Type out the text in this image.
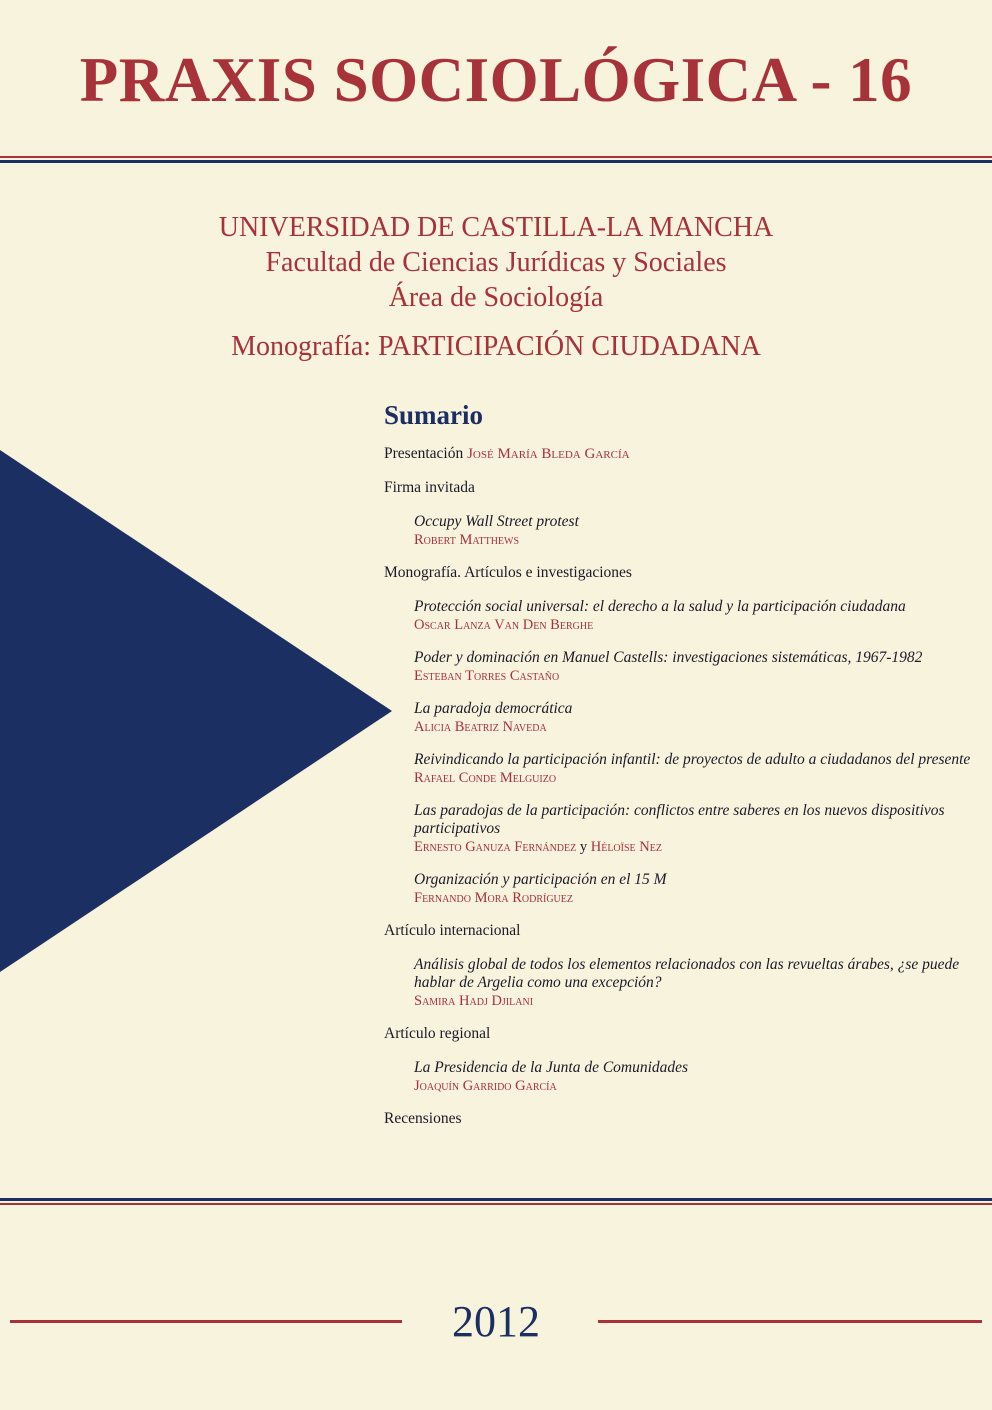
PRAXIS SOCIOLÓGICA - 16
UNIVERSIDAD DE CASTILLA-LA MANCHA
Facultad de Ciencias Jurídicas y Sociales
Área de Sociología
Monografía: PARTICIPACIÓN CIUDADANA
Sumario
Presentación José María Bleda García
Firma invitada
Occupy Wall Street protest
Robert Matthews
Monografía. Artículos e investigaciones
Protección social universal: el derecho a la salud y la participación ciudadana
Oscar Lanza Van Den Berghe
Poder y dominación en Manuel Castells: investigaciones sistemáticas, 1967-1982
Esteban Torres Castaño
La paradoja democrática
Alicia Beatriz Naveda
Reivindicando la participación infantil: de proyectos de adulto a ciudadanos del presente
Rafael Conde Melguizo
Las paradojas de la participación: conflictos entre saberes en los nuevos dispositivos participativos
Ernesto Ganuza Fernández y Héloïse Nez
Organización y participación en el 15 M
Fernando Mora Rodríguez
Artículo internacional
Análisis global de todos los elementos relacionados con las revueltas árabes, ¿se puede hablar de Argelia como una excepción?
Samira Hadj Djilani
Artículo regional
La Presidencia de la Junta de Comunidades
Joaquín Garrido García
Recensiones
2012
